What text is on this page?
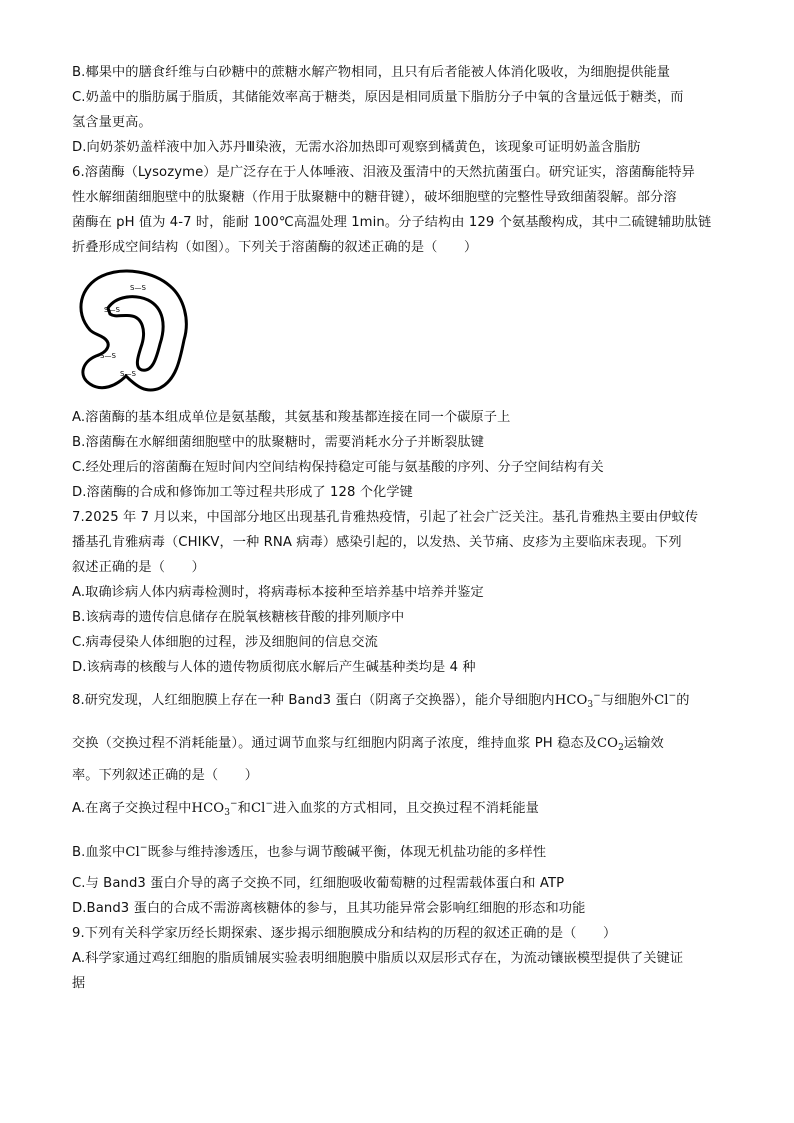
B.椰果中的膳食纤维与白砂糖中的蔗糖水解产物相同，且只有后者能被人体消化吸收，为细胞提供能量
C.奶盖中的脂肪属于脂质，其储能效率高于糖类，原因是相同质量下脂肪分子中氧的含量远低于糖类，而
氢含量更高。
D.向奶茶奶盖样液中加入苏丹Ⅲ染液，无需水浴加热即可观察到橘黄色，该现象可证明奶盖含脂肪
6.溶菌酶（Lysozyme）是广泛存在于人体唾液、泪液及蛋清中的天然抗菌蛋白。研究证实，溶菌酶能特异
性水解细菌细胞壁中的肽聚糖（作用于肽聚糖中的糖苷键），破坏细胞壁的完整性导致细菌裂解。部分溶
菌酶在 pH 值为 4-7 时，能耐 100℃高温处理 1min。分子结构由 129 个氨基酸构成，其中二硫键辅助肽链
折叠形成空间结构（如图）。下列关于溶菌酶的叙述正确的是（　　）
S—S
S—S
S—S
S—S
A.溶菌酶的基本组成单位是氨基酸，其氨基和羧基都连接在同一个碳原子上
B.溶菌酶在水解细菌细胞壁中的肽聚糖时，需要消耗水分子并断裂肽键
C.经处理后的溶菌酶在短时间内空间结构保持稳定可能与氨基酸的序列、分子空间结构有关
D.溶菌酶的合成和修饰加工等过程共形成了 128 个化学键
7.2025 年 7 月以来，中国部分地区出现基孔肯雅热疫情，引起了社会广泛关注。基孔肯雅热主要由伊蚊传
播基孔肯雅病毒（CHIKV，一种 RNA 病毒）感染引起的，以发热、关节痛、皮疹为主要临床表现。下列
叙述正确的是（　　）
A.取确诊病人体内病毒检测时，将病毒标本接种至培养基中培养并鉴定
B.该病毒的遗传信息储存在脱氧核糖核苷酸的排列顺序中
C.病毒侵染人体细胞的过程，涉及细胞间的信息交流
D.该病毒的核酸与人体的遗传物质彻底水解后产生碱基种类均是 4 种
8.研究发现，人红细胞膜上存在一种 Band3 蛋白（阴离子交换器），能介导细胞内$HCO_3^-$与细胞外Cl−的
交换（交换过程不消耗能量）。通过调节血浆与红细胞内阴离子浓度，维持血浆 PH 稳态及$CO_2$运输效
率。下列叙述正确的是（　　）
A.在离子交换过程中$HCO_3^-$和Cl−进入血浆的方式相同，且交换过程不消耗能量
B.血浆中Cl−既参与维持渗透压，也参与调节酸碱平衡，体现无机盐功能的多样性
C.与 Band3 蛋白介导的离子交换不同，红细胞吸收葡萄糖的过程需载体蛋白和 ATP
D.Band3 蛋白的合成不需游离核糖体的参与，且其功能异常会影响红细胞的形态和功能
9.下列有关科学家历经长期探索、逐步揭示细胞膜成分和结构的历程的叙述正确的是（　　）
A.科学家通过鸡红细胞的脂质铺展实验表明细胞膜中脂质以双层形式存在，为流动镶嵌模型提供了关键证
据
